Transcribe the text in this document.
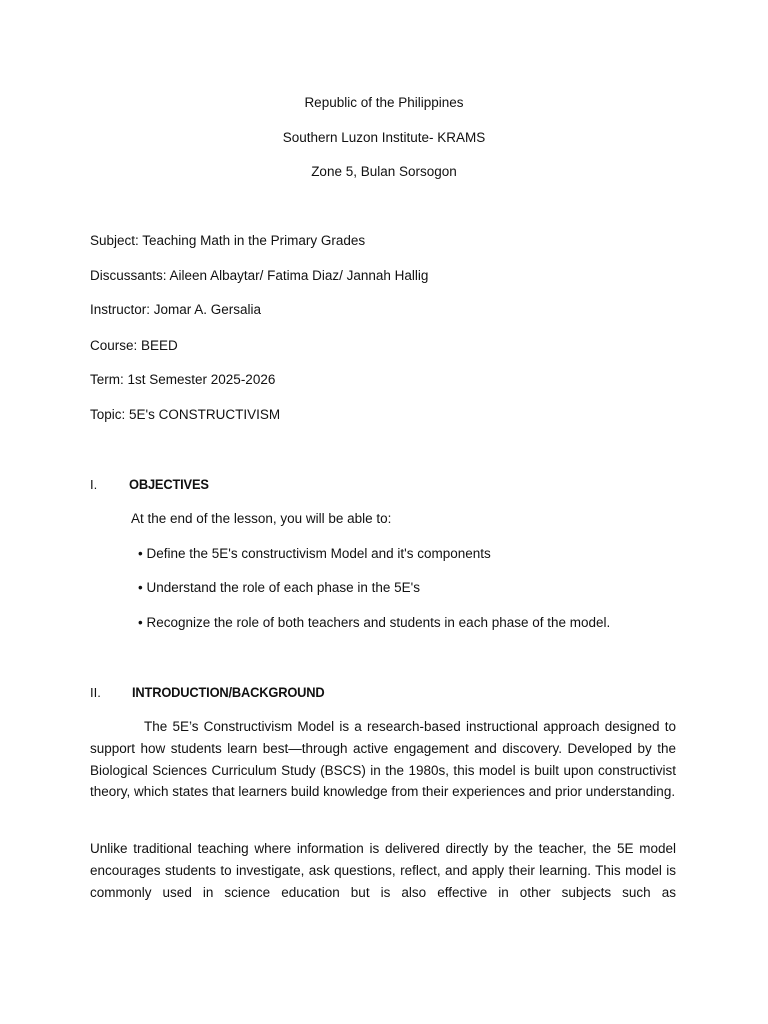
Republic of the Philippines
Southern Luzon Institute- KRAMS
Zone 5, Bulan Sorsogon
Subject: Teaching Math in the Primary Grades
Discussants: Aileen Albaytar/ Fatima Diaz/ Jannah Hallig
Instructor: Jomar A. Gersalia
Course: BEED
Term: 1st Semester 2025-2026
Topic: 5E's CONSTRUCTIVISM
I. OBJECTIVES
At the end of the lesson, you will be able to:
• Define the 5E's constructivism Model and it's components
• Understand the role of each phase in the 5E's
• Recognize the role of both teachers and students in each phase of the model.
II. INTRODUCTION/BACKGROUND
The 5E’s Constructivism Model is a research-based instructional approach designed to support how students learn best—through active engagement and discovery. Developed by the Biological Sciences Curriculum Study (BSCS) in the 1980s, this model is built upon constructivist theory, which states that learners build knowledge from their experiences and prior understanding.
Unlike traditional teaching where information is delivered directly by the teacher, the 5E model encourages students to investigate, ask questions, reflect, and apply their learning. This model is commonly used in science education but is also effective in other subjects such as
